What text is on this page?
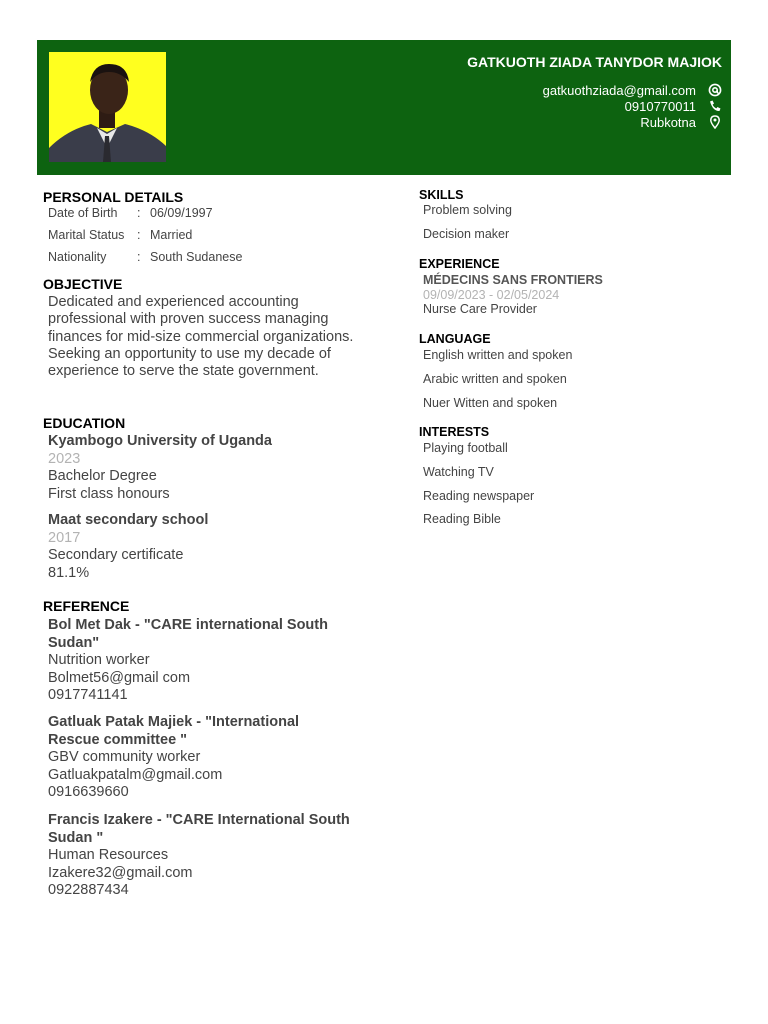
GATKUOTH ZIADA TANYDOR MAJIOK
gatkuothziada@gmail.com
0910770011
Rubkotna
PERSONAL DETAILS
Date of Birth	: 06/09/1997
Marital Status	: Married
Nationality	: South Sudanese
OBJECTIVE
Dedicated and experienced accounting professional with proven success managing finances for mid-size commercial organizations. Seeking an opportunity to use my decade of experience to serve the state government.
EDUCATION
Kyambogo University of Uganda
2023
Bachelor Degree
First class honours
Maat secondary school
2017
Secondary certificate
81.1%
REFERENCE
Bol Met Dak - "CARE international South
Sudan"
Nutrition worker
Bolmet56@gmail com
0917741141
Gatluak Patak Majiek - "International
Rescue committee "
GBV community worker
Gatluakpatalm@gmail.com
0916639660
Francis Izakere - "CARE International South
Sudan "
Human Resources
Izakere32@gmail.com
0922887434
SKILLS
Problem solving
Decision maker
EXPERIENCE
MÉDECINS SANS FRONTIERS
09/09/2023 - 02/05/2024
Nurse Care Provider
LANGUAGE
English written and spoken
Arabic written and spoken
Nuer Witten and spoken
INTERESTS
Playing football
Watching TV
Reading newspaper
Reading Bible
